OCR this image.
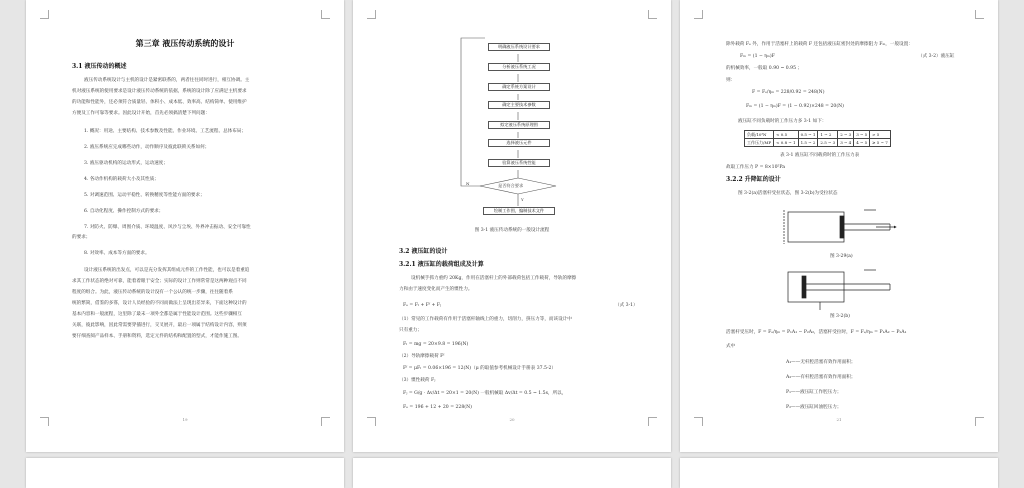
第三章 液压传动系统的设计
3.1 液压传动的概述
液压传动系统设计与主机的设计是紧密联系的，两者往往同时进行，相互协调。主
机对液压系统的使用要求是设计液压传动系统的依据，系统的设计除了应满足主机要求
的功能和性能外，还必须符合质量轻、体积小、成本低、效率高、结构简单、使用维护
方便及工作可靠等要求。因此设计开始，首先必须搞清楚下列问题：
1. 概况：用途、主要结构、技术参数及性能、作业环境、工艺流程、总体布局；
2. 液压系统应完成哪些动作，动作顺序及彼此联锁关系如何；
3. 液压驱动机构的运动形式，运动速度；
4. 各动作机构的载荷大小及其性质；
5. 对调速范围、运动平稳性、转换精度等性能方面的要求；
6. 自动化程度、操作控制方式的要求；
7. 对防火、防爆、周围介质、环境温度、风沙与尘埃、外界冲击振动、安全可靠性
的要求；
8. 对效率、成本等方面的要求。
设计液压系统的出发点，可以是充分发挥其组成元件的工作性能，也可以是着重追
求其工作状态的绝对可靠，能着着眼于安全；实际的设计工作则常常是这两种观点不同
程度的组合。为此，液压传动系统的设计没有一个公认的统一步骤，往往随着系
统的繁简，借鉴的多寡，设计人员经验的不同而做法上呈现出差异来，下面这种设计的
基本内容和一般流程，这里除了最末一项外全都是属于性能设计范围。这些步骤相互
关联，彼此影响，因此常需要穿插进行，交叉展开，最后一项属于结构设计内容，则须
要仔细查阅产品样本、手册和资料，选定元件的结构和配置的型式，才能作施工图。
19
明确液压系统设计要求
分析液压系统工况
确定系统方案设计
确定主要技术参数
拟定液压系统原理图
选择液压元件
验算液压系统性能
是否符合要求
N
Y
绘制工作图，编制技术文件
图 3-1 液压传动系统的一般设计流程
3.2 液压缸的设计
3.2.1 液压缸的载荷组成及计算
设机械手抓力重约 20Kg，作用在活塞杆上的外部载荷包括工作载荷，导轨的摩擦
力和由于速度变化而产生的惯性力。
Fₑ = Fₗ + Fᶠ + Fⱼ	（式 3-1）
（1）常见的工作载荷有作用于活塞杆轴线上的重力，切削力，挤压力等，而该设计中
只有重力；
Fₗ = mg = 20×9.8 = 196(N)
（2）导轨摩擦载荷 Fᶠ
Fᶠ = μFₗ = 0.06×196 = 12(N)（μ 的取值参考机械设计手册表 37.5-2）
（3）惯性载荷 Fⱼ
Fⱼ = G/g · Δv/Δt = 20×1 = 20(N) 一般机械取 Δv/Δt = 0.5 ~ 1.5s，所以，
Fₑ = 196 + 12 + 20 = 228(N)
20
除外载荷 Fₑ 外，作用于活塞杆上的载荷 F 还包括液压缸密封处的摩擦阻力 Fₘ，一般设置：
Fₘ = (1 − ηₘ)F	（式 3-2）液压缸
的机械效率，一般取 0.90 ~ 0.95 ；
则：
F = Fₑ/ηₘ = 228/0.92 = 248(N)
Fₘ = (1 − ηₘ)F = (1 − 0.92)×248 = 20(N)
液压缸不同负载时的工作压力多 3-1 如下：
负载/10³N	< 0.5	0.5 ~ 1	1 ~ 2	2 ~ 3	3 ~ 5	> 5
工作压力/MP	< 0.8 ~ 1	1.5 ~ 2	2.5 ~ 3	3 ~ 4	4 ~ 5	≥ 5 ~ 7
表 3-1 液压缸不同载荷时的工作压力表
故取工作压力 P = 8×10⁵Pa
3.2.2 升降缸的设计
图 3-2(a)活塞杆受拉状态，图 3-2(b)为受拉状态
图 3-29(a)
图 3-2(b)
活塞杆受压时，F = Fₑ/ηₘ = P₁A₁ − P₂A₂，活塞杆受拉时，F = Fₑ/ηₘ = P₁A₂ − P₂A₁
式中
A₁——无杆腔活塞有效作用面积；
A₂——有杆腔活塞有效作用面积；
P₁——液压缸工作腔压力；
P₂——液压缸回油腔压力；
21
